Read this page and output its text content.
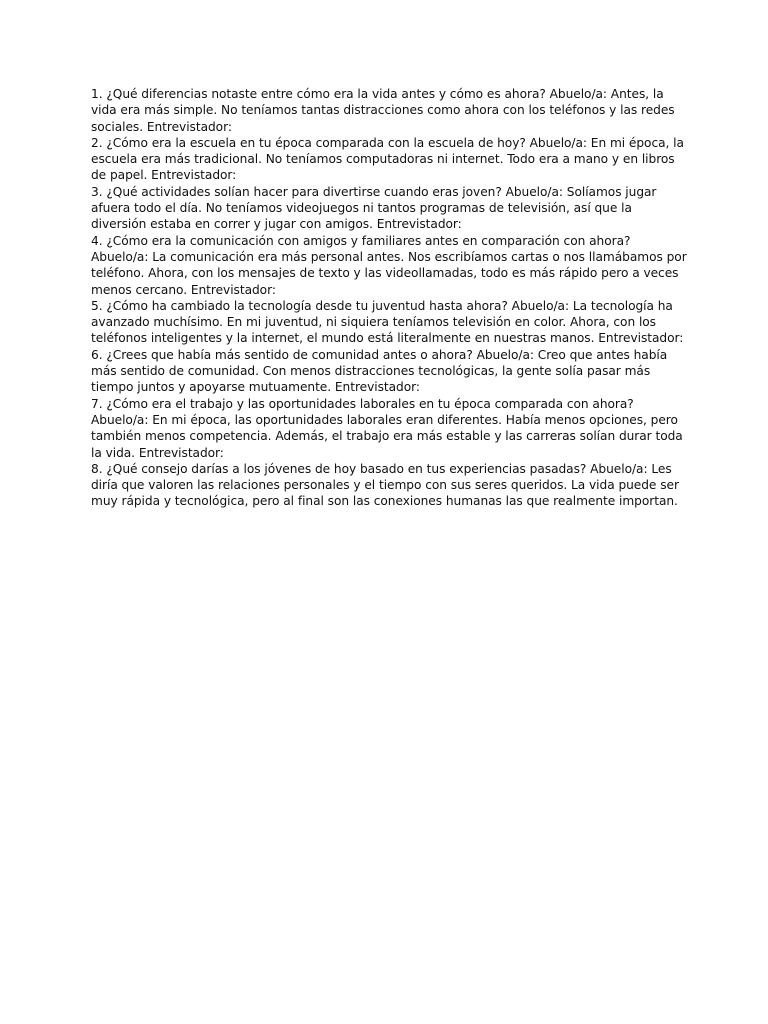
1. ¿Qué diferencias notaste entre cómo era la vida antes y cómo es ahora? Abuelo/a: Antes, la vida era más simple. No teníamos tantas distracciones como ahora con los teléfonos y las redes sociales. Entrevistador:

2. ¿Cómo era la escuela en tu época comparada con la escuela de hoy? Abuelo/a: En mi época, la escuela era más tradicional. No teníamos computadoras ni internet. Todo era a mano y en libros de papel. Entrevistador:

3. ¿Qué actividades solían hacer para divertirse cuando eras joven? Abuelo/a: Solíamos jugar afuera todo el día. No teníamos videojuegos ni tantos programas de televisión, así que la diversión estaba en correr y jugar con amigos. Entrevistador:

4. ¿Cómo era la comunicación con amigos y familiares antes en comparación con ahora? Abuelo/a: La comunicación era más personal antes. Nos escribíamos cartas o nos llamábamos por teléfono. Ahora, con los mensajes de texto y las videollamadas, todo es más rápido pero a veces menos cercano. Entrevistador:

5. ¿Cómo ha cambiado la tecnología desde tu juventud hasta ahora? Abuelo/a: La tecnología ha avanzado muchísimo. En mi juventud, ni siquiera teníamos televisión en color. Ahora, con los teléfonos inteligentes y la internet, el mundo está literalmente en nuestras manos. Entrevistador:

6. ¿Crees que había más sentido de comunidad antes o ahora? Abuelo/a: Creo que antes había más sentido de comunidad. Con menos distracciones tecnológicas, la gente solía pasar más tiempo juntos y apoyarse mutuamente. Entrevistador:

7. ¿Cómo era el trabajo y las oportunidades laborales en tu época comparada con ahora? Abuelo/a: En mi época, las oportunidades laborales eran diferentes. Había menos opciones, pero también menos competencia. Además, el trabajo era más estable y las carreras solían durar toda la vida. Entrevistador:

8. ¿Qué consejo darías a los jóvenes de hoy basado en tus experiencias pasadas? Abuelo/a: Les diría que valoren las relaciones personales y el tiempo con sus seres queridos. La vida puede ser muy rápida y tecnológica, pero al final son las conexiones humanas las que realmente importan.
